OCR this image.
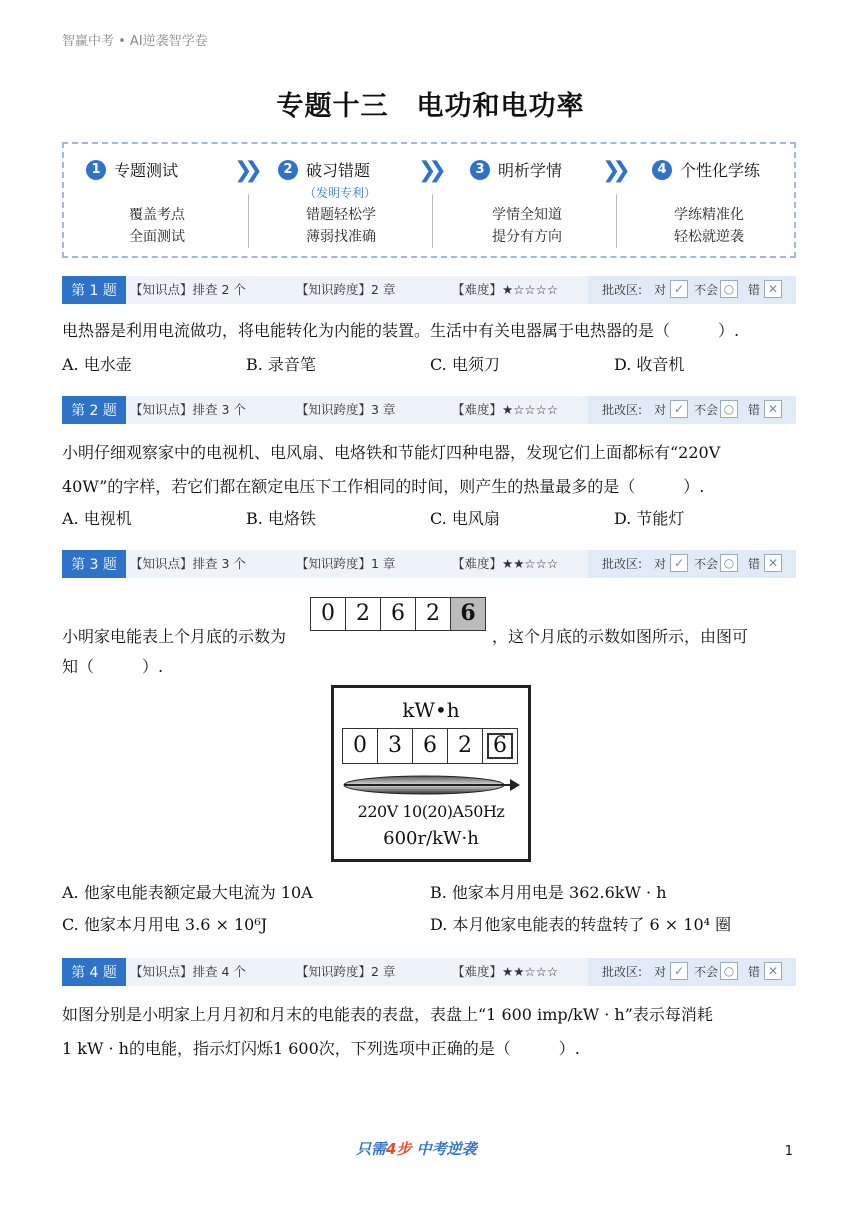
智赢中考 • AI逆袭智学卷
专题十三　电功和电功率
1 专题测试
覆盖考点
全面测试
❯❯	2 破习错题
（发明专利）
错题轻松学
薄弱找准确
❯❯	3 明析学情
学情全知道
提分有方向
❯❯	4 个性化学练
学练精准化
轻松就逆袭
第 1 题	【知识点】排查 2 个	【知识跨度】2 章	【难度】★☆☆☆☆	批改区: 对 ✓ 不会 ○	错 ✕
第 2 题	【知识点】排查 3 个	【知识跨度】3 章	【难度】★☆☆☆☆	批改区: 对 ✓ 不会 ○	错 ✕
第 3 题	【知识点】排查 3 个	【知识跨度】1 章	【难度】★★☆☆☆	批改区: 对 ✓ 不会 ○	错 ✕
第 4 题	【知识点】排查 4 个	【知识跨度】2 章	【难度】★★☆☆☆	批改区: 对 ✓ 不会 ○	错 ✕
电热器是利用电流做功，将电能转化为内能的装置。生活中有关电器属于电热器的是（　　　）.
A. 电水壶	B. 录音笔	C. 电须刀	D. 收音机
小明仔细观察家中的电视机、电风扇、电烙铁和节能灯四种电器，发现它们上面都标有“220V
40W”的字样，若它们都在额定电压下工作相同的时间，则产生的热量最多的是（　　　）.
A. 电视机	B. 电烙铁	C. 电风扇	D. 节能灯
小明家电能表上个月底的示数为
0 2 6 2 6
，这个月底的示数如图所示，由图可
知（　　　）.
kW•h
0 3 6 2 6
220V 10(20)A50Hz
600r/kW·h
A. 他家电能表额定最大电流为 10A	B. 他家本月用电是 362.6kW · h
C. 他家本月用电 3.6 × 10⁶J	D. 本月他家电能表的转盘转了 6 × 10⁴ 圈
如图分别是小明家上月月初和月末的电能表的表盘，表盘上“1 600 imp/kW · h”表示每消耗
1 kW · h的电能，指示灯闪烁1 600次，下列选项中正确的是（　　　）.
只需4步 中考逆袭	1
